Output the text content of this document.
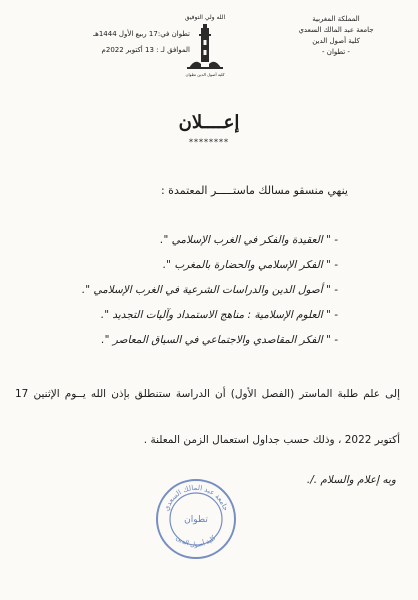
المملكة المغربية
جامعة عبد المالك السعدي
كلية أصول الدين
- تطوان -
الله ولي التوفيق
كلية أصول الدين تطوان
تطوان في:17 ربيع الأول 1444هـ
الموافق لـ : 13 أكتوبر 2022م
إعــــلان
********
ينهي منسقو مسالك ماستـــــر المعتمدة :
- " العقيدة والفكر في الغرب الإسلامي ".
- " الفكر الإسلامي والحضارة بالمغرب ".
- " أصول الدين والدراسات الشرعية في الغرب الإسلامي ".
- " العلوم الإسلامية : مناهج الاستمداد وآليات التجديد ".
- " الفكر المقاصدي والاجتماعي في السياق المعاصر ".
إلى علم طلبة الماستر (الفصل الأول) أن الدراسة ستنطلق بإذن الله يــوم الإثنين 17 أكتوبر 2022 ، وذلك حسب جداول استعمال الزمن المعلنة .
وبه إعلام والسلام ./.
جامعة عبد المالك السعدي
تطوان
كلية أصول الدين
